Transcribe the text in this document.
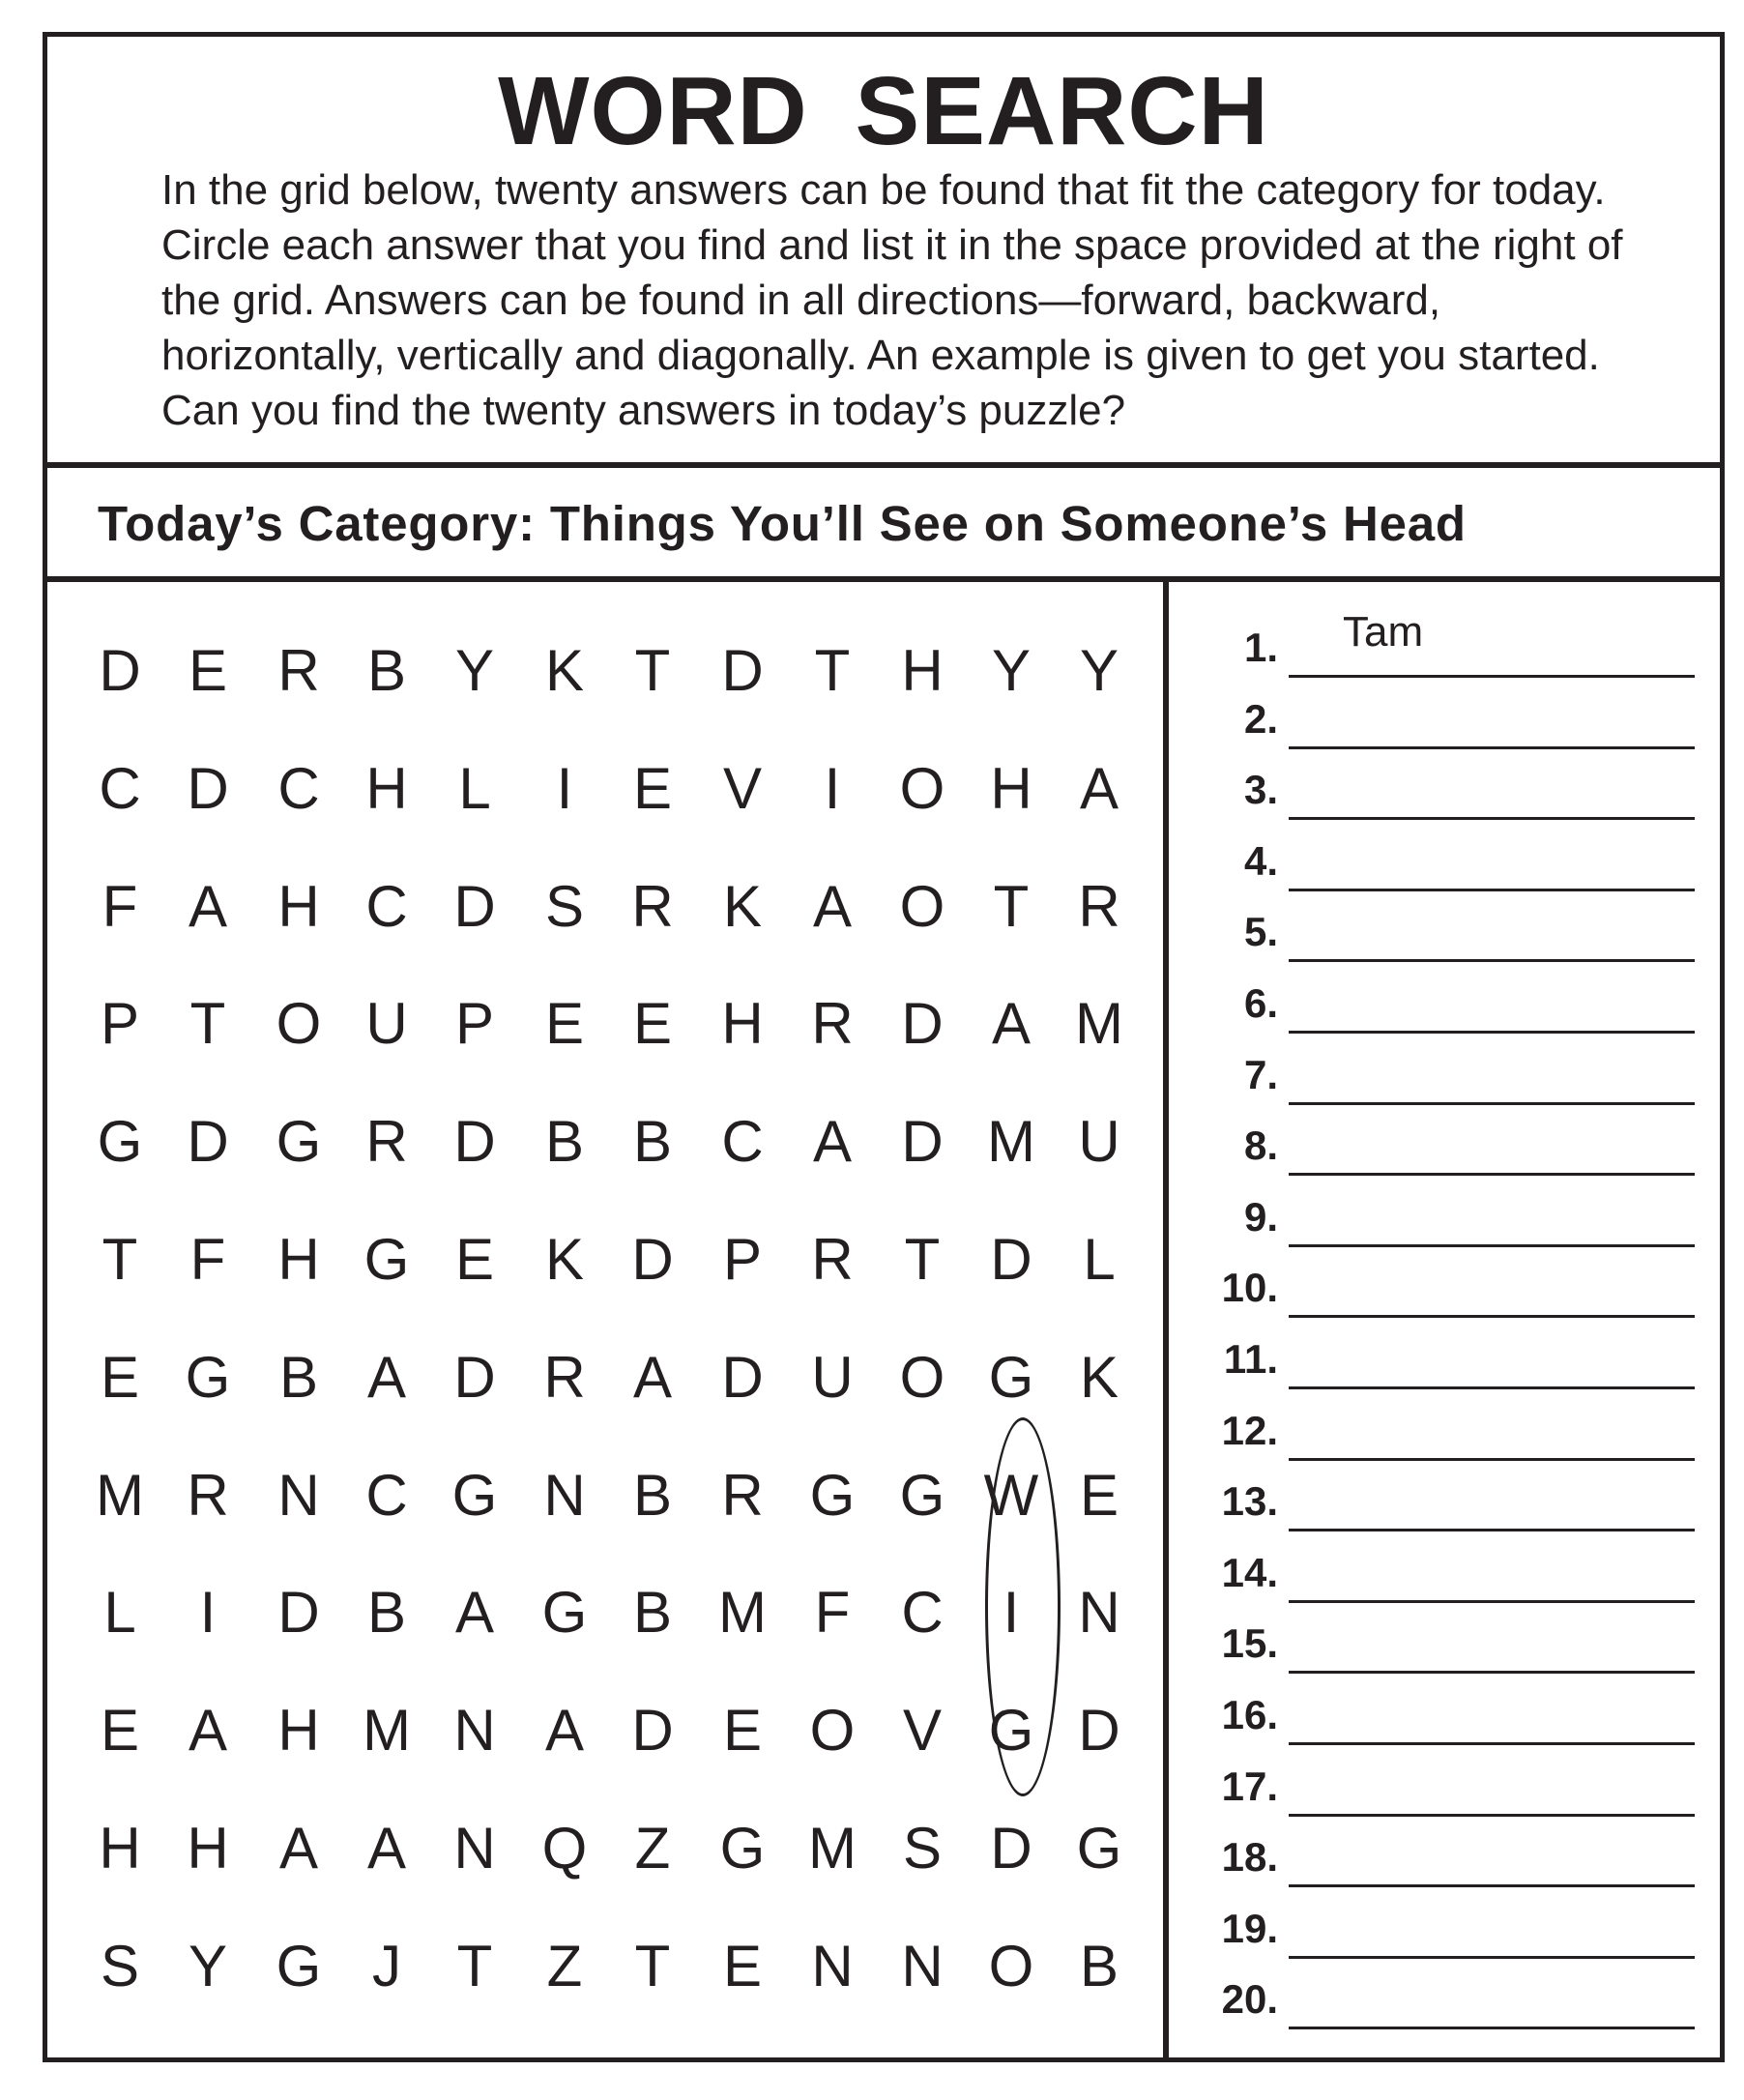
WORD SEARCH

In the grid below, twenty answers can be found that fit the category for today. Circle each answer that you find and list it in the space provided at the right of the grid. Answers can be found in all directions—forward, backward, horizontally, vertically and diagonally. An example is given to get you started. Can you find the twenty answers in today’s puzzle?

Today’s Category: Things You’ll See on Someone’s Head
D E R B Y K T D T H Y Y
C D C H L	I	E V	I	O H A
F A H C D S R K A O T R
P T O U P E E H R D A M
G D G R D B B C A D M U
T F H G E K D P R T D L
E G B A D R A D U O G K
M R N C G N B R G G W E
L	I	D B A G B M F C	I	N
E A H M N A D E O V G D
H H A A N Q Z G M S D G
S Y G J T Z T E N N O B
1. Tam
2.
3.
4.
5.
6.
7.
8.
9.
10.
11.
12.
13.
14.
15.
16.
17.
18.
19.
20.
